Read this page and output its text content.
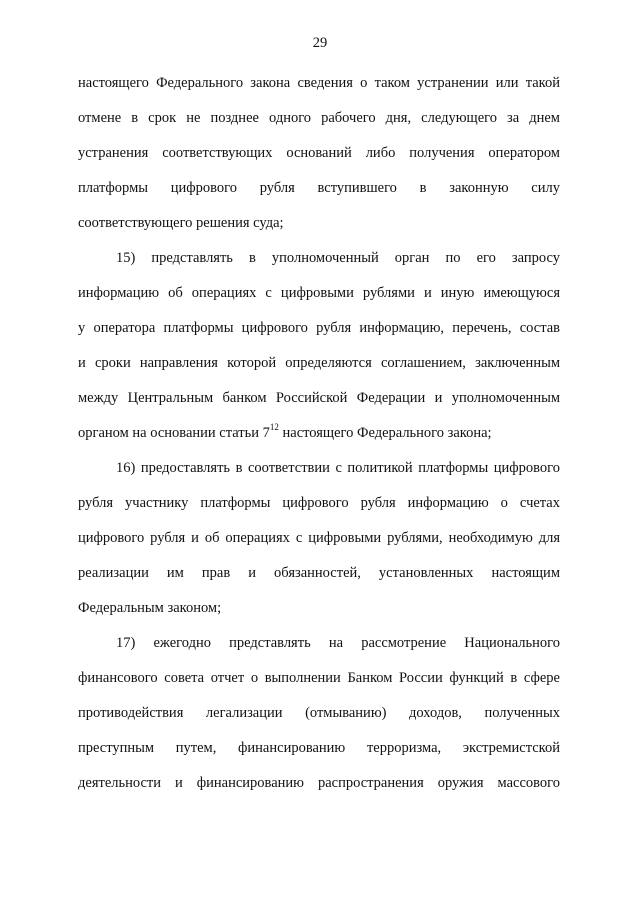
29
настоящего Федерального закона сведения о таком устранении или такой
отмене в срок не позднее одного рабочего дня, следующего за днем
устранения соответствующих оснований либо получения оператором
платформы цифрового рубля вступившего в законную силу
соответствующего решения суда;
15) представлять в уполномоченный орган по его запросу
информацию об операциях с цифровыми рублями и иную имеющуюся
у оператора платформы цифрового рубля информацию, перечень, состав
и сроки направления которой определяются соглашением, заключенным
между Центральным банком Российской Федерации и уполномоченным
органом на основании статьи $7^{12}$ настоящего Федерального закона;
16) предоставлять в соответствии с политикой платформы цифрового
рубля участнику платформы цифрового рубля информацию о счетах
цифрового рубля и об операциях с цифровыми рублями, необходимую для
реализации им прав и обязанностей, установленных настоящим
Федеральным законом;
17) ежегодно представлять на рассмотрение Национального
финансового совета отчет о выполнении Банком России функций в сфере
противодействия легализации (отмыванию) доходов, полученных
преступным путем, финансированию терроризма, экстремистской
деятельности и финансированию распространения оружия массового
